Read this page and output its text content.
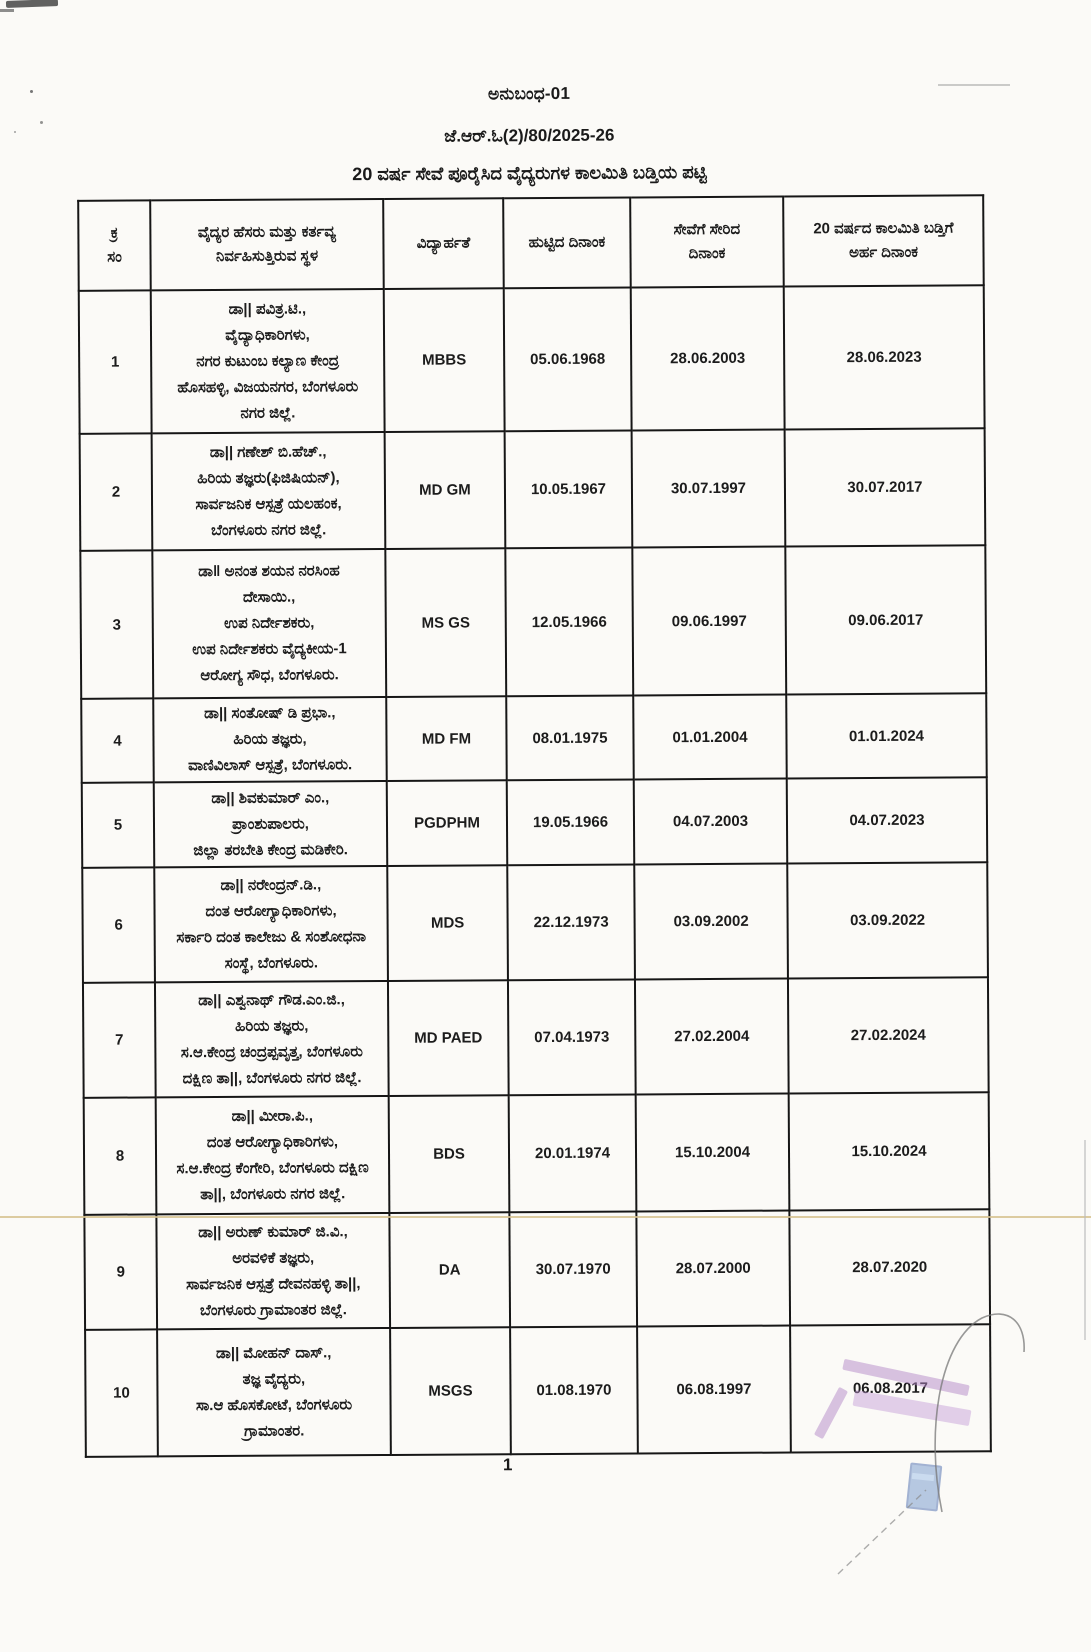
ಅನುಬಂಧ-01
ಜೆ.ಆರ್.ಓ(2)/80/2025-26
20 ವರ್ಷ ಸೇವೆ ಪೂರೈಸಿದ ವೈದ್ಯರುಗಳ ಕಾಲಮಿತಿ ಬಡ್ತಿಯ ಪಟ್ಟಿ
ಕ್ರ
ಸಂ	ವೈದ್ಯರ ಹೆಸರು ಮತ್ತು ಕರ್ತವ್ಯ
ನಿರ್ವಹಿಸುತ್ತಿರುವ ಸ್ಥಳ	ವಿದ್ಯಾರ್ಹತೆ	ಹುಟ್ಟಿದ ದಿನಾಂಕ	ಸೇವೆಗೆ ಸೇರಿದ
ದಿನಾಂಕ	20 ವರ್ಷದ ಕಾಲಮಿತಿ ಬಡ್ತಿಗೆ
ಅರ್ಹ ದಿನಾಂಕ
1	ಡಾ|| ಪವಿತ್ರ.ಟಿ.,
ವೈದ್ಯಾಧಿಕಾರಿಗಳು,
ನಗರ ಕುಟುಂಬ ಕಲ್ಯಾಣ ಕೇಂದ್ರ
ಹೊಸಹಳ್ಳಿ, ವಿಜಯನಗರ, ಬೆಂಗಳೂರು
ನಗರ ಜಿಲ್ಲೆ.	MBBS	05.06.1968	28.06.2003	28.06.2023
2	ಡಾ|| ಗಣೇಶ್ ಬಿ.ಹೆಚ್.,
ಹಿರಿಯ ತಜ್ಞರು(ಫಿಜಿಷಿಯನ್),
ಸಾರ್ವಜನಿಕ ಆಸ್ಪತ್ರೆ ಯಲಹಂಕ,
ಬೆಂಗಳೂರು ನಗರ ಜಿಲ್ಲೆ.	MD GM	10.05.1967	30.07.1997	30.07.2017
3	ಡಾ‖ ಅನಂತ ಶಯನ ನರಸಿಂಹ
ದೇಸಾಯಿ.,
ಉಪ ನಿರ್ದೇಶಕರು,
ಉಪ ನಿರ್ದೇಶಕರು ವೈದ್ಯಕೀಯ-1
ಆರೋಗ್ಯ ಸೌಧ, ಬೆಂಗಳೂರು.	MS GS	12.05.1966	09.06.1997	09.06.2017
4	ಡಾ|| ಸಂತೋಷ್ ಡಿ ಪ್ರಭಾ.,
ಹಿರಿಯ ತಜ್ಞರು,
ವಾಣಿವಿಲಾಸ್ ಆಸ್ಪತ್ರೆ, ಬೆಂಗಳೂರು.	MD FM	08.01.1975	01.01.2004	01.01.2024
5	ಡಾ|| ಶಿವಕುಮಾರ್ ಎಂ.,
ಪ್ರಾಂಶುಪಾಲರು,
ಜಿಲ್ಲಾ ತರಬೇತಿ ಕೇಂದ್ರ ಮಡಿಕೇರಿ.	PGDPHM	19.05.1966	04.07.2003	04.07.2023
6	ಡಾ|| ನರೇಂದ್ರನ್.ಡಿ.,
ದಂತ ಆರೋಗ್ಯಾಧಿಕಾರಿಗಳು,
ಸರ್ಕಾರಿ ದಂತ ಕಾಲೇಜು & ಸಂಶೋಧನಾ
ಸಂಸ್ಥೆ, ಬೆಂಗಳೂರು.	MDS	22.12.1973	03.09.2002	03.09.2022
7	ಡಾ|| ಎಶ್ವನಾಥ್ ಗೌಡ.ಎಂ.ಜಿ.,
ಹಿರಿಯ ತಜ್ಞರು,
ಸ.ಆ.ಕೇಂದ್ರ ಚಂದ್ರಪ್ಪವೃತ್ತ, ಬೆಂಗಳೂರು
ದಕ್ಷಿಣ ತಾ||, ಬೆಂಗಳೂರು ನಗರ ಜಿಲ್ಲೆ.	MD PAED	07.04.1973	27.02.2004	27.02.2024
8	ಡಾ|| ಮೀರಾ.ಪಿ.,
ದಂತ ಆರೋಗ್ಯಾಧಿಕಾರಿಗಳು,
ಸ.ಆ.ಕೇಂದ್ರ ಕೆಂಗೇರಿ, ಬೆಂಗಳೂರು ದಕ್ಷಿಣ
ತಾ||, ಬೆಂಗಳೂರು ನಗರ ಜಿಲ್ಲೆ.	BDS	20.01.1974	15.10.2004	15.10.2024
9	ಡಾ|| ಅರುಣ್ ಕುಮಾರ್ ಜಿ.ವಿ.,
ಅರವಳಿಕೆ ತಜ್ಞರು,
ಸಾರ್ವಜನಿಕ ಆಸ್ಪತ್ರೆ ದೇವನಹಳ್ಳಿ ತಾ||,
ಬೆಂಗಳೂರು ಗ್ರಾಮಾಂತರ ಜಿಲ್ಲೆ.	DA	30.07.1970	28.07.2000	28.07.2020
10	ಡಾ|| ಮೋಹನ್ ದಾಸ್.,
ತಜ್ಞ ವೈದ್ಯರು,
ಸಾ.ಆ ಹೊಸಕೋಟೆ, ಬೆಂಗಳೂರು
ಗ್ರಾಮಾಂತರ.	MSGS	01.08.1970	06.08.1997	06.08.2017
1
